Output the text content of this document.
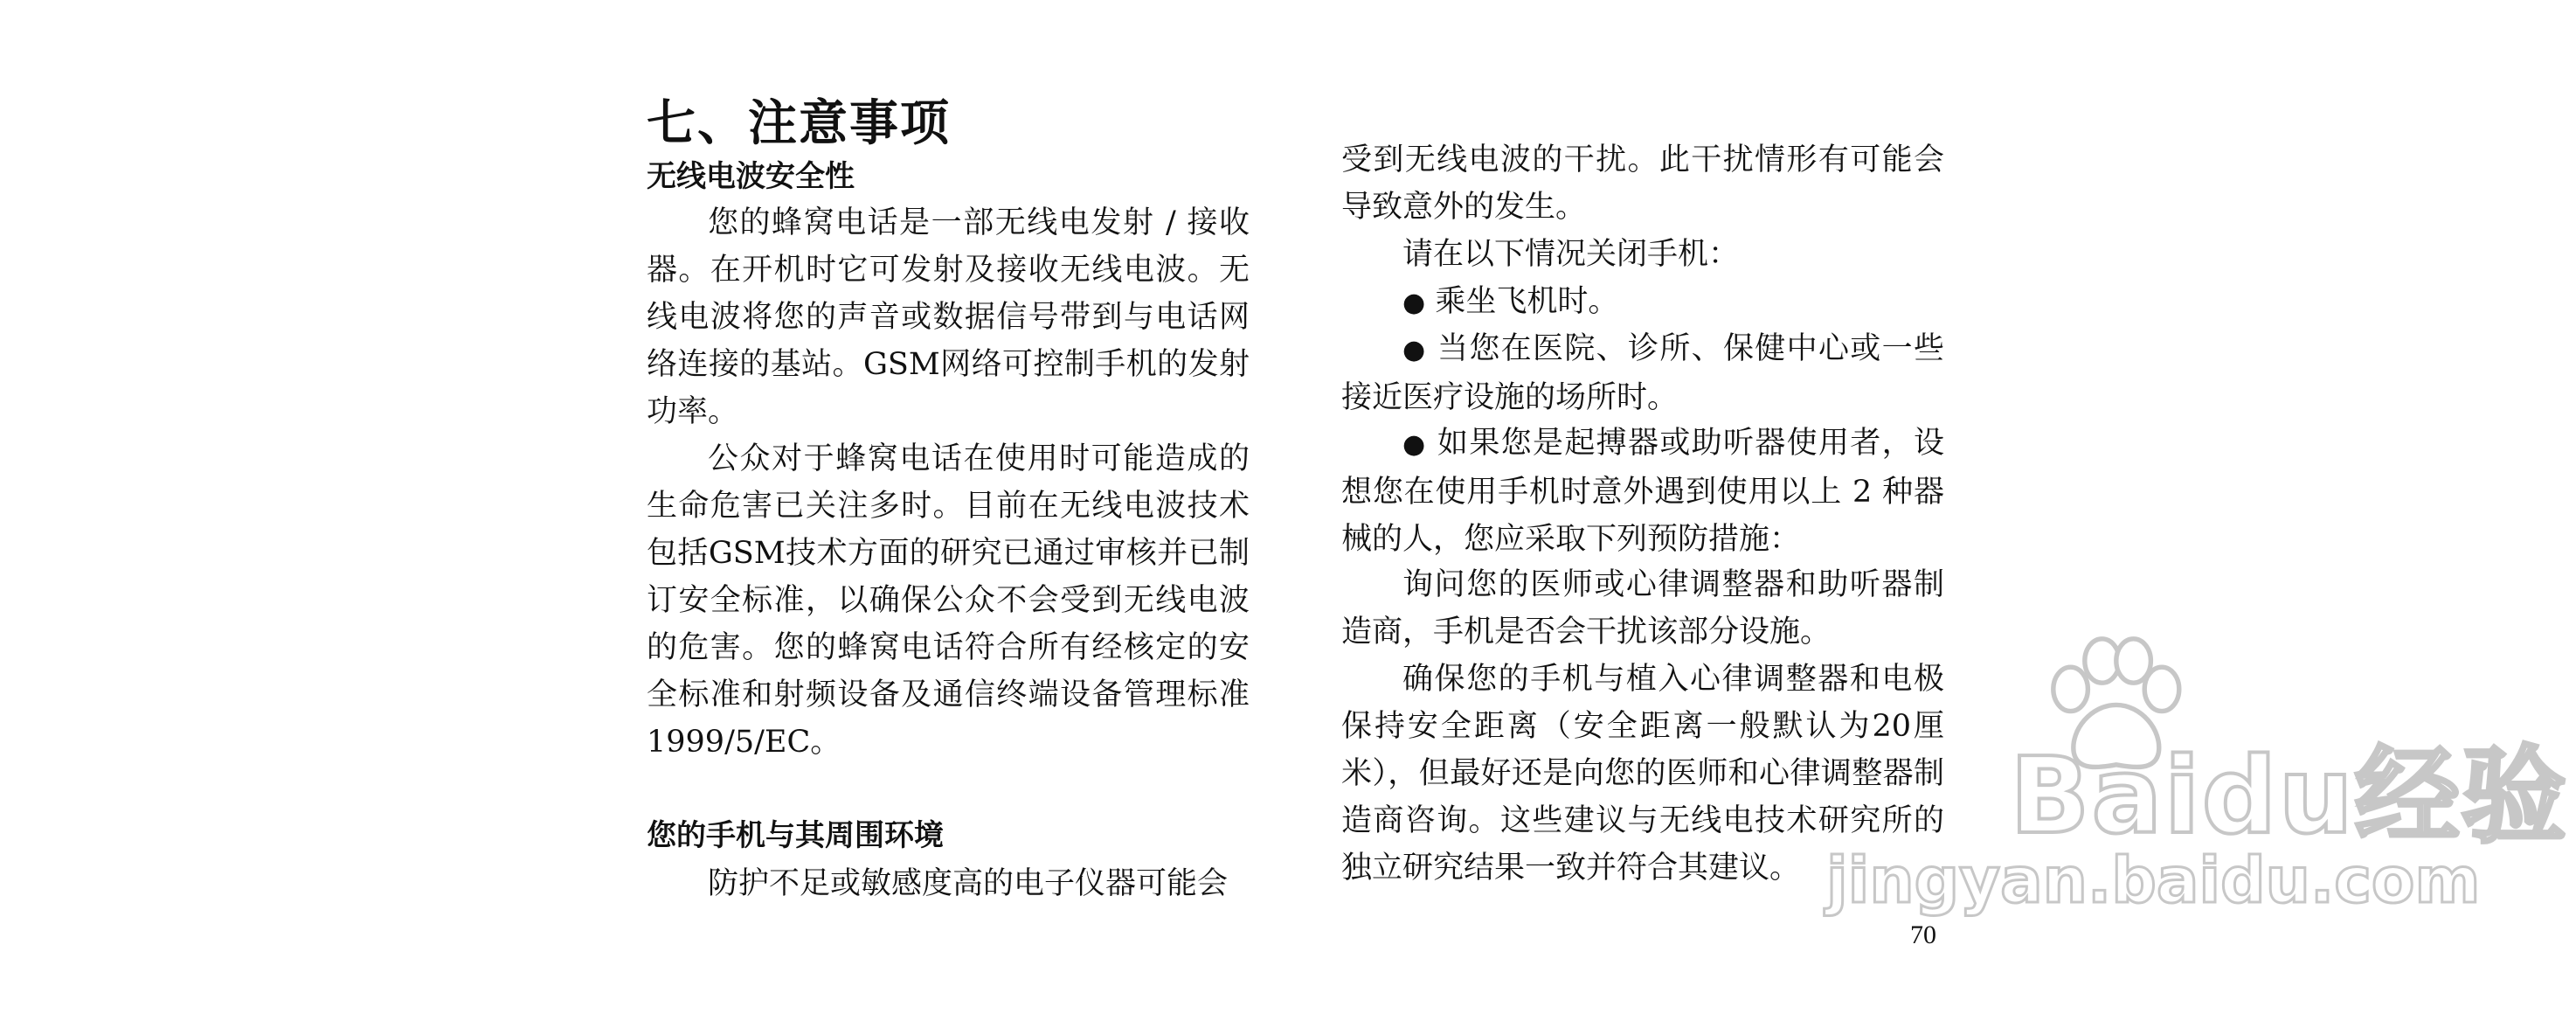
七、注意事项
无线电波安全性

您的蜂窝电话是一部无线电发射 / 接收器。在开机时它可发射及接收无线电波。无线电波将您的声音或数据信号带到与电话网络连接的基站。GSM网络可控制手机的发射功率。

公众对于蜂窝电话在使用时可能造成的生命危害已关注多时。目前在无线电波技术包括GSM技术方面的研究已通过审核并已制订安全标准，以确保公众不会受到无线电波的危害。您的蜂窝电话符合所有经核定的安全标准和射频设备及通信终端设备管理标准1999/5/EC。

您的手机与其周围环境

防护不足或敏感度高的电子仪器可能会

受到无线电波的干扰。此干扰情形有可能会导致意外的发生。

请在以下情况关闭手机：

● 乘坐飞机时。

● 当您在医院、诊所、保健中心或一些接近医疗设施的场所时。

● 如果您是起搏器或助听器使用者，设想您在使用手机时意外遇到使用以上 2 种器械的人，您应采取下列预防措施：

询问您的医师或心律调整器和助听器制造商，手机是否会干扰该部分设施。

确保您的手机与植入心律调整器和电极保持安全距离（安全距离一般默认为20厘米），但最好还是向您的医师和心律调整器制造商咨询。这些建议与无线电技术研究所的独立研究结果一致并符合其建议。

70
Baidu经验
jingyan.baidu.com
